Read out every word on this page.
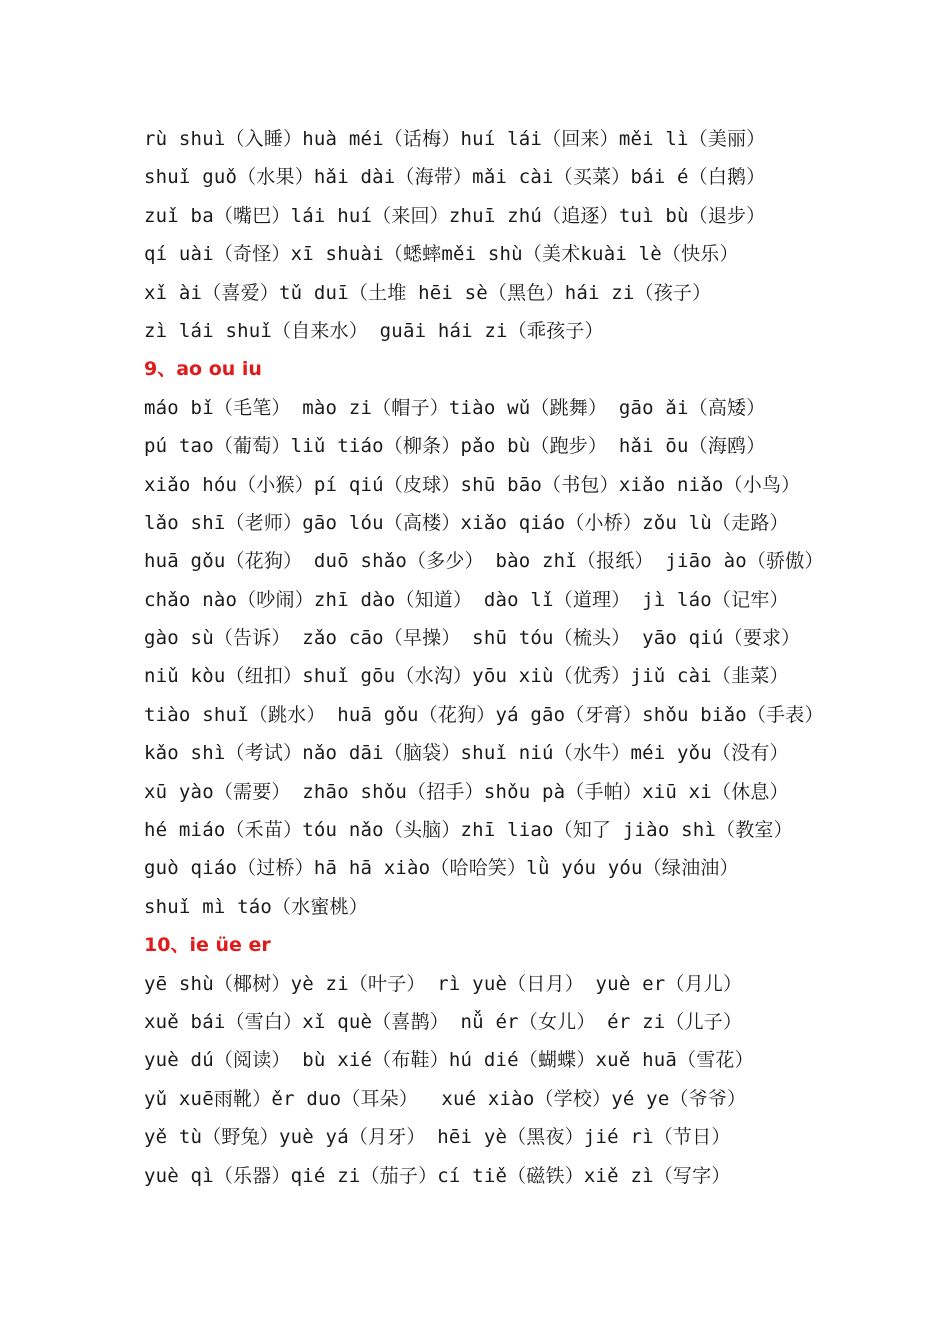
rù shuì（入睡）huà méi（话梅）huí lái（回来）měi lì（美丽）
shuǐ guǒ（水果）hǎi dài（海带）mǎi cài（买菜）bái é（白鹅）
zuǐ ba（嘴巴）lái huí（来回）zhuī zhú（追逐）tuì bù（退步）
qí uài（奇怪）xī shuài（蟋蟀měi shù（美术kuài lè（快乐）
xǐ ài（喜爱）tǔ duī（土堆 hēi sè（黑色）hái zi（孩子）
zì lái shuǐ（自来水） guāi hái zi（乖孩子）
9、ao ou iu
máo bǐ（毛笔） mào zi（帽子）tiào wǔ（跳舞） gāo ǎi（高矮）
pú tao（葡萄）liǔ tiáo（柳条）pǎo bù（跑步） hǎi ōu（海鸥）
xiǎo hóu（小猴）pí qiú（皮球）shū bāo（书包）xiǎo niǎo（小鸟）
lǎo shī（老师）gāo lóu（高楼）xiǎo qiáo（小桥）zǒu lù（走路）
huā gǒu（花狗） duō shǎo（多少） bào zhǐ（报纸） jiāo ào（骄傲）
chǎo nào（吵闹）zhī dào（知道） dào lǐ（道理） jì láo（记牢）
gào sù（告诉） zǎo cāo（早操） shū tóu（梳头） yāo qiú（要求）
niǔ kòu（纽扣）shuǐ gōu（水沟）yōu xiù（优秀）jiǔ cài（韭菜）
tiào shuǐ（跳水） huā gǒu（花狗）yá gāo（牙膏）shǒu biǎo（手表）
kǎo shì（考试）nǎo dāi（脑袋）shuǐ niú（水牛）méi yǒu（没有）
xū yào（需要） zhāo shǒu（招手）shǒu pà（手帕）xiū xi（休息）
hé miáo（禾苗）tóu nǎo（头脑）zhī liao（知了 jiào shì（教室）
guò qiáo（过桥）hā hā xiào（哈哈笑）lǜ yóu yóu（绿油油）
shuǐ mì táo（水蜜桃）
10、ie üe er
yē shù（椰树）yè zi（叶子） rì yuè（日月） yuè er（月儿）
xuě bái（雪白）xǐ què（喜鹊） nǚ ér（女儿） ér zi（儿子）
yuè dú（阅读） bù xié（布鞋）hú dié（蝴蝶）xuě huā（雪花）
yǔ xuē雨靴）ěr duo（耳朵）  xué xiào（学校）yé ye（爷爷）
yě tù（野兔）yuè yá（月牙） hēi yè（黑夜）jié rì（节日）
yuè qì（乐器）qié zi（茄子）cí tiě（磁铁）xiě zì（写字）
